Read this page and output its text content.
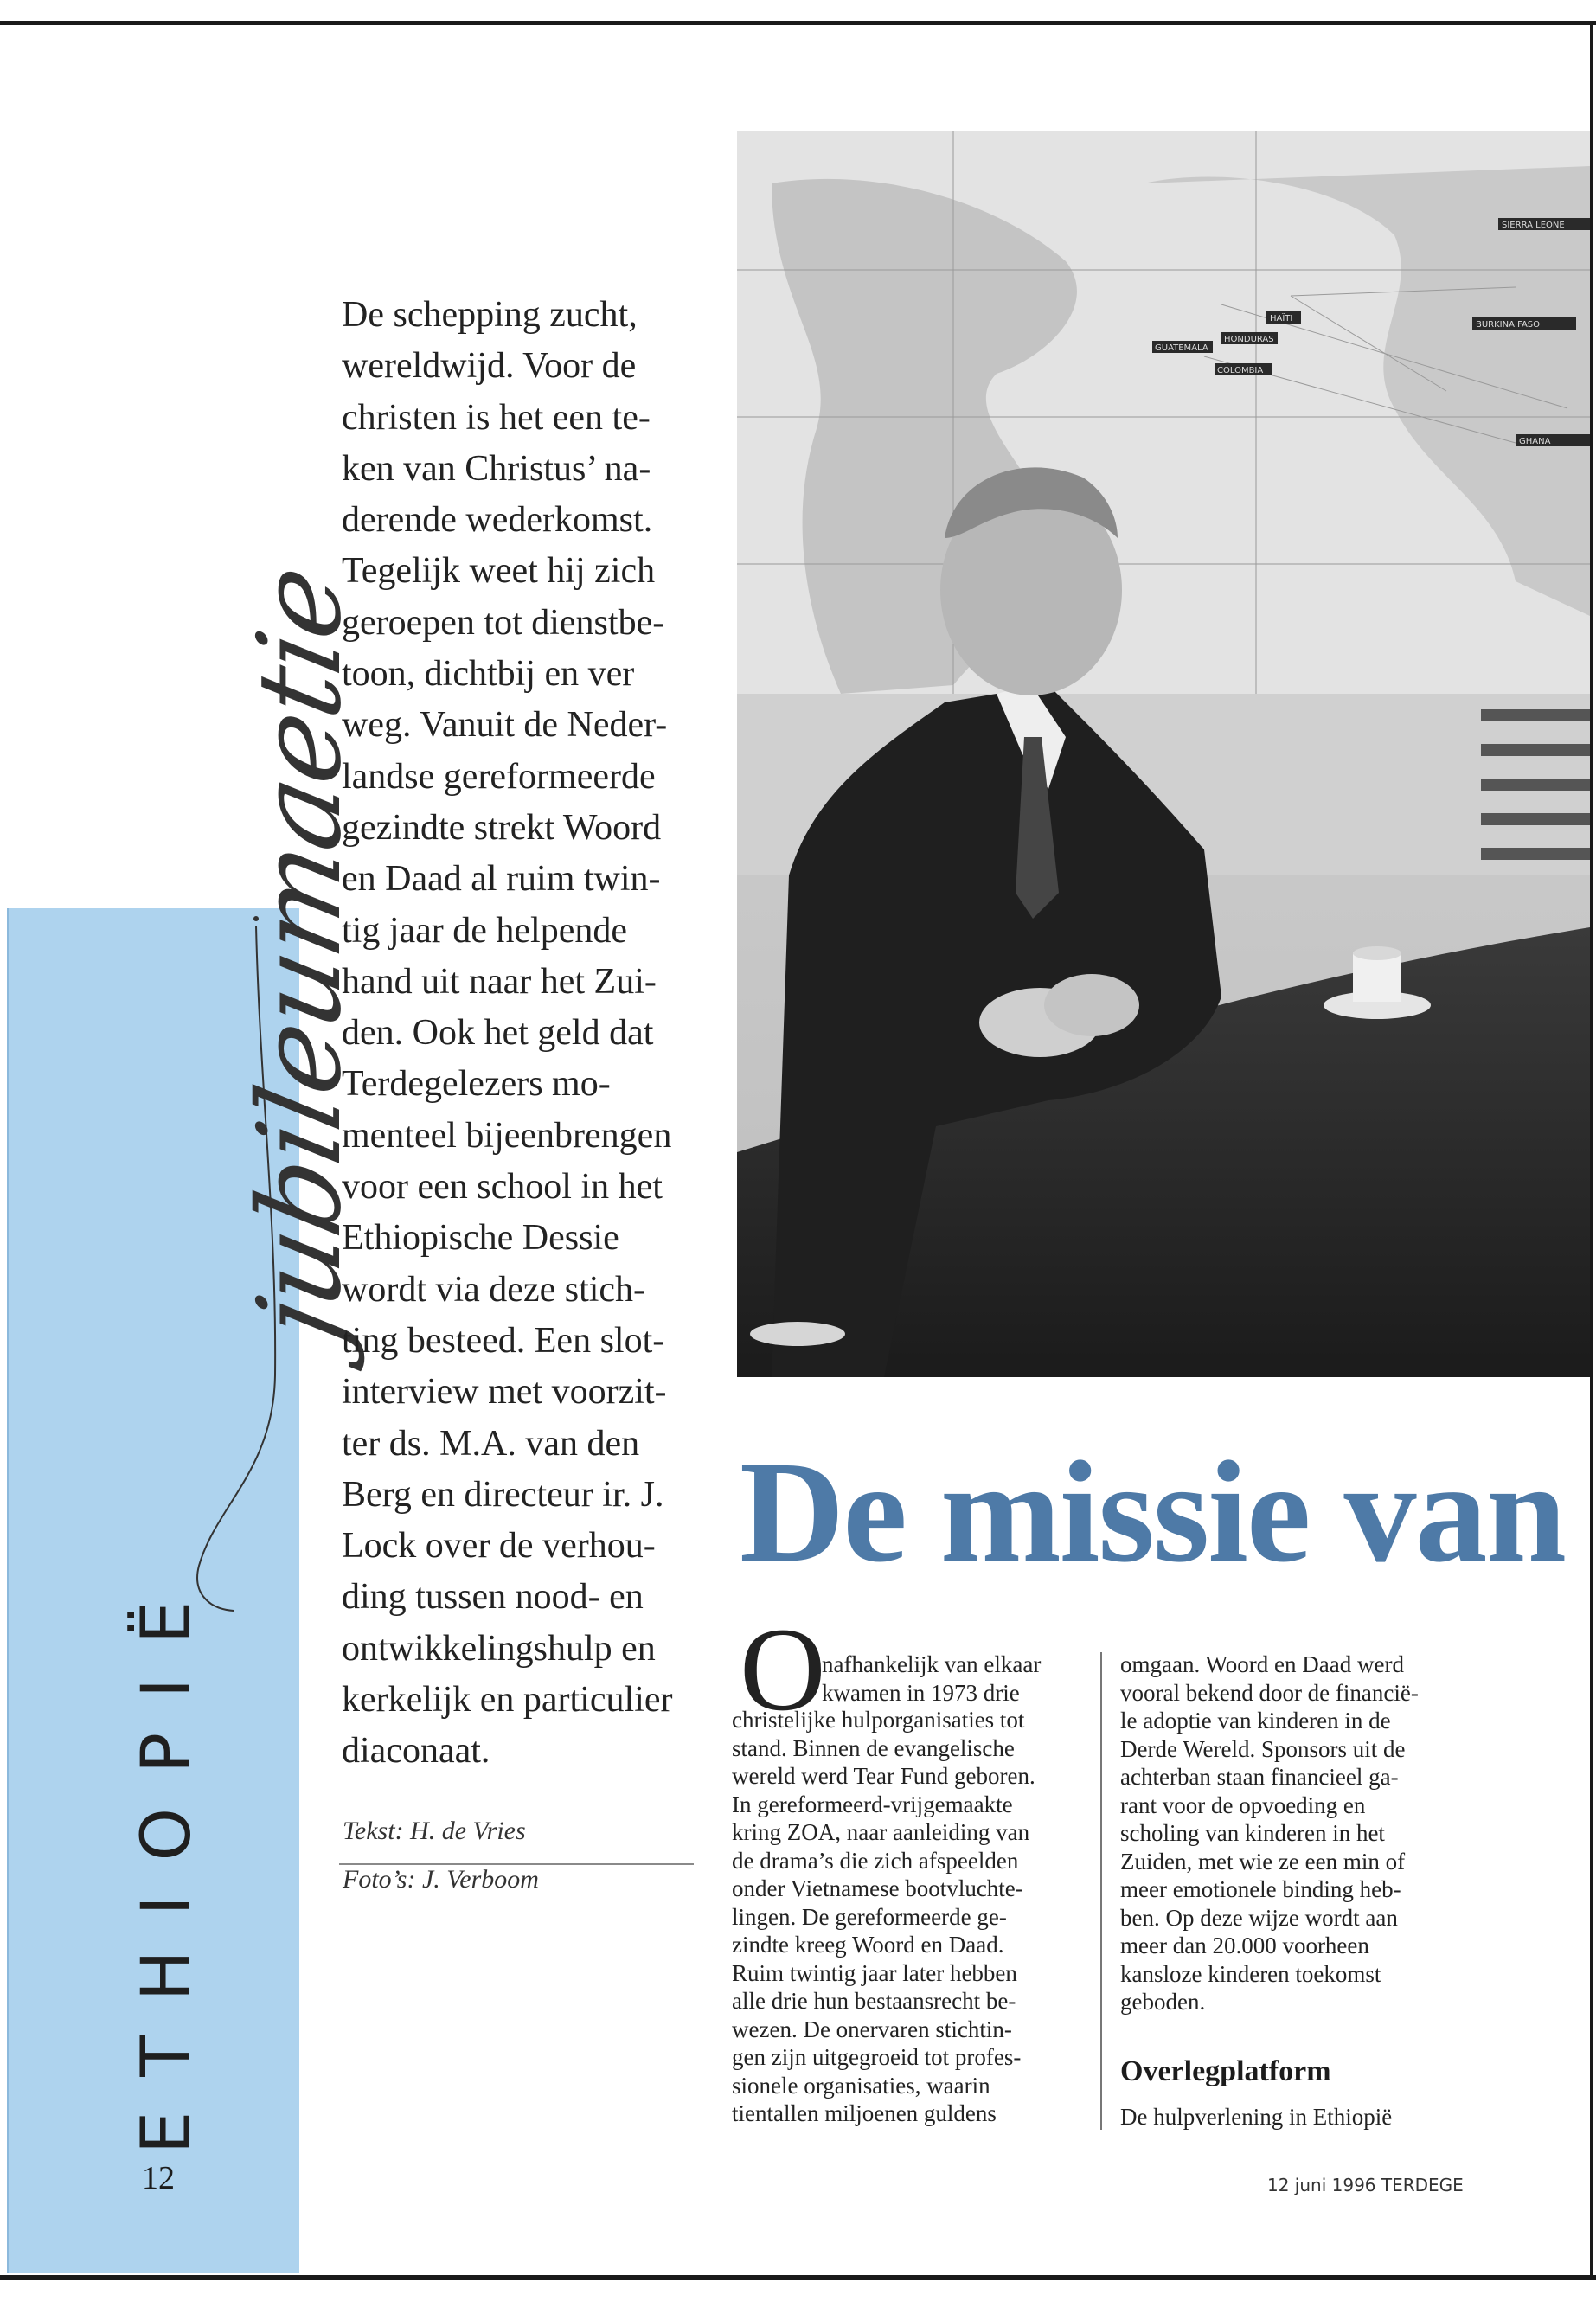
jubileumaetie
12
De schepping zucht,
wereldwijd. Voor de
christen is het een te-
ken van Christus’ na-
derende wederkomst.
Tegelijk weet hij zich
geroepen tot dienstbe-
toon, dichtbij en ver
weg. Vanuit de Neder-
landse gereformeerde
gezindte strekt Woord
en Daad al ruim twin-
tig jaar de helpende
hand uit naar het Zui-
den. Ook het geld dat
Terdegelezers mo-
menteel bijeenbrengen
voor een school in het
Ethiopische Dessie
wordt via deze stich-
ting besteed. Een slot-
interview met voorzit-
ter ds. M.A. van den
Berg en directeur ir. J.
Lock over de verhou-
ding tussen nood- en
ontwikkelingshulp en
kerkelijk en particulier
diaconaat.
Tekst: H. de Vries
Foto’s: J. Verboom
GUATEMALA
HONDURAS
HAÏTI
COLOMBIA
SIERRA LEONE
GHANA
BURKINA FASO
De missie van
O
nafhankelijk van elkaar
kwamen in 1973 drie
christelijke hulporganisaties tot
stand. Binnen de evangelische
wereld werd Tear Fund geboren.
In gereformeerd-vrijgemaakte
kring ZOA, naar aanleiding van
de drama’s die zich afspeelden
onder Vietnamese bootvluchte-
lingen. De gereformeerde ge-
zindte kreeg Woord en Daad.
Ruim twintig jaar later hebben
alle drie hun bestaansrecht be-
wezen. De onervaren stichtin-
gen zijn uitgegroeid tot profes-
sionele organisaties, waarin
tientallen miljoenen guldens
omgaan. Woord en Daad werd
vooral bekend door de financië-
le adoptie van kinderen in de
Derde Wereld. Sponsors uit de
achterban staan financieel ga-
rant voor de opvoeding en
scholing van kinderen in het
Zuiden, met wie ze een min of
meer emotionele binding heb-
ben. Op deze wijze wordt aan
meer dan 20.000 voorheen
kansloze kinderen toekomst
geboden.
Overlegplatform
De hulpverlening in Ethiopië
12 juni 1996 TERDEGE
